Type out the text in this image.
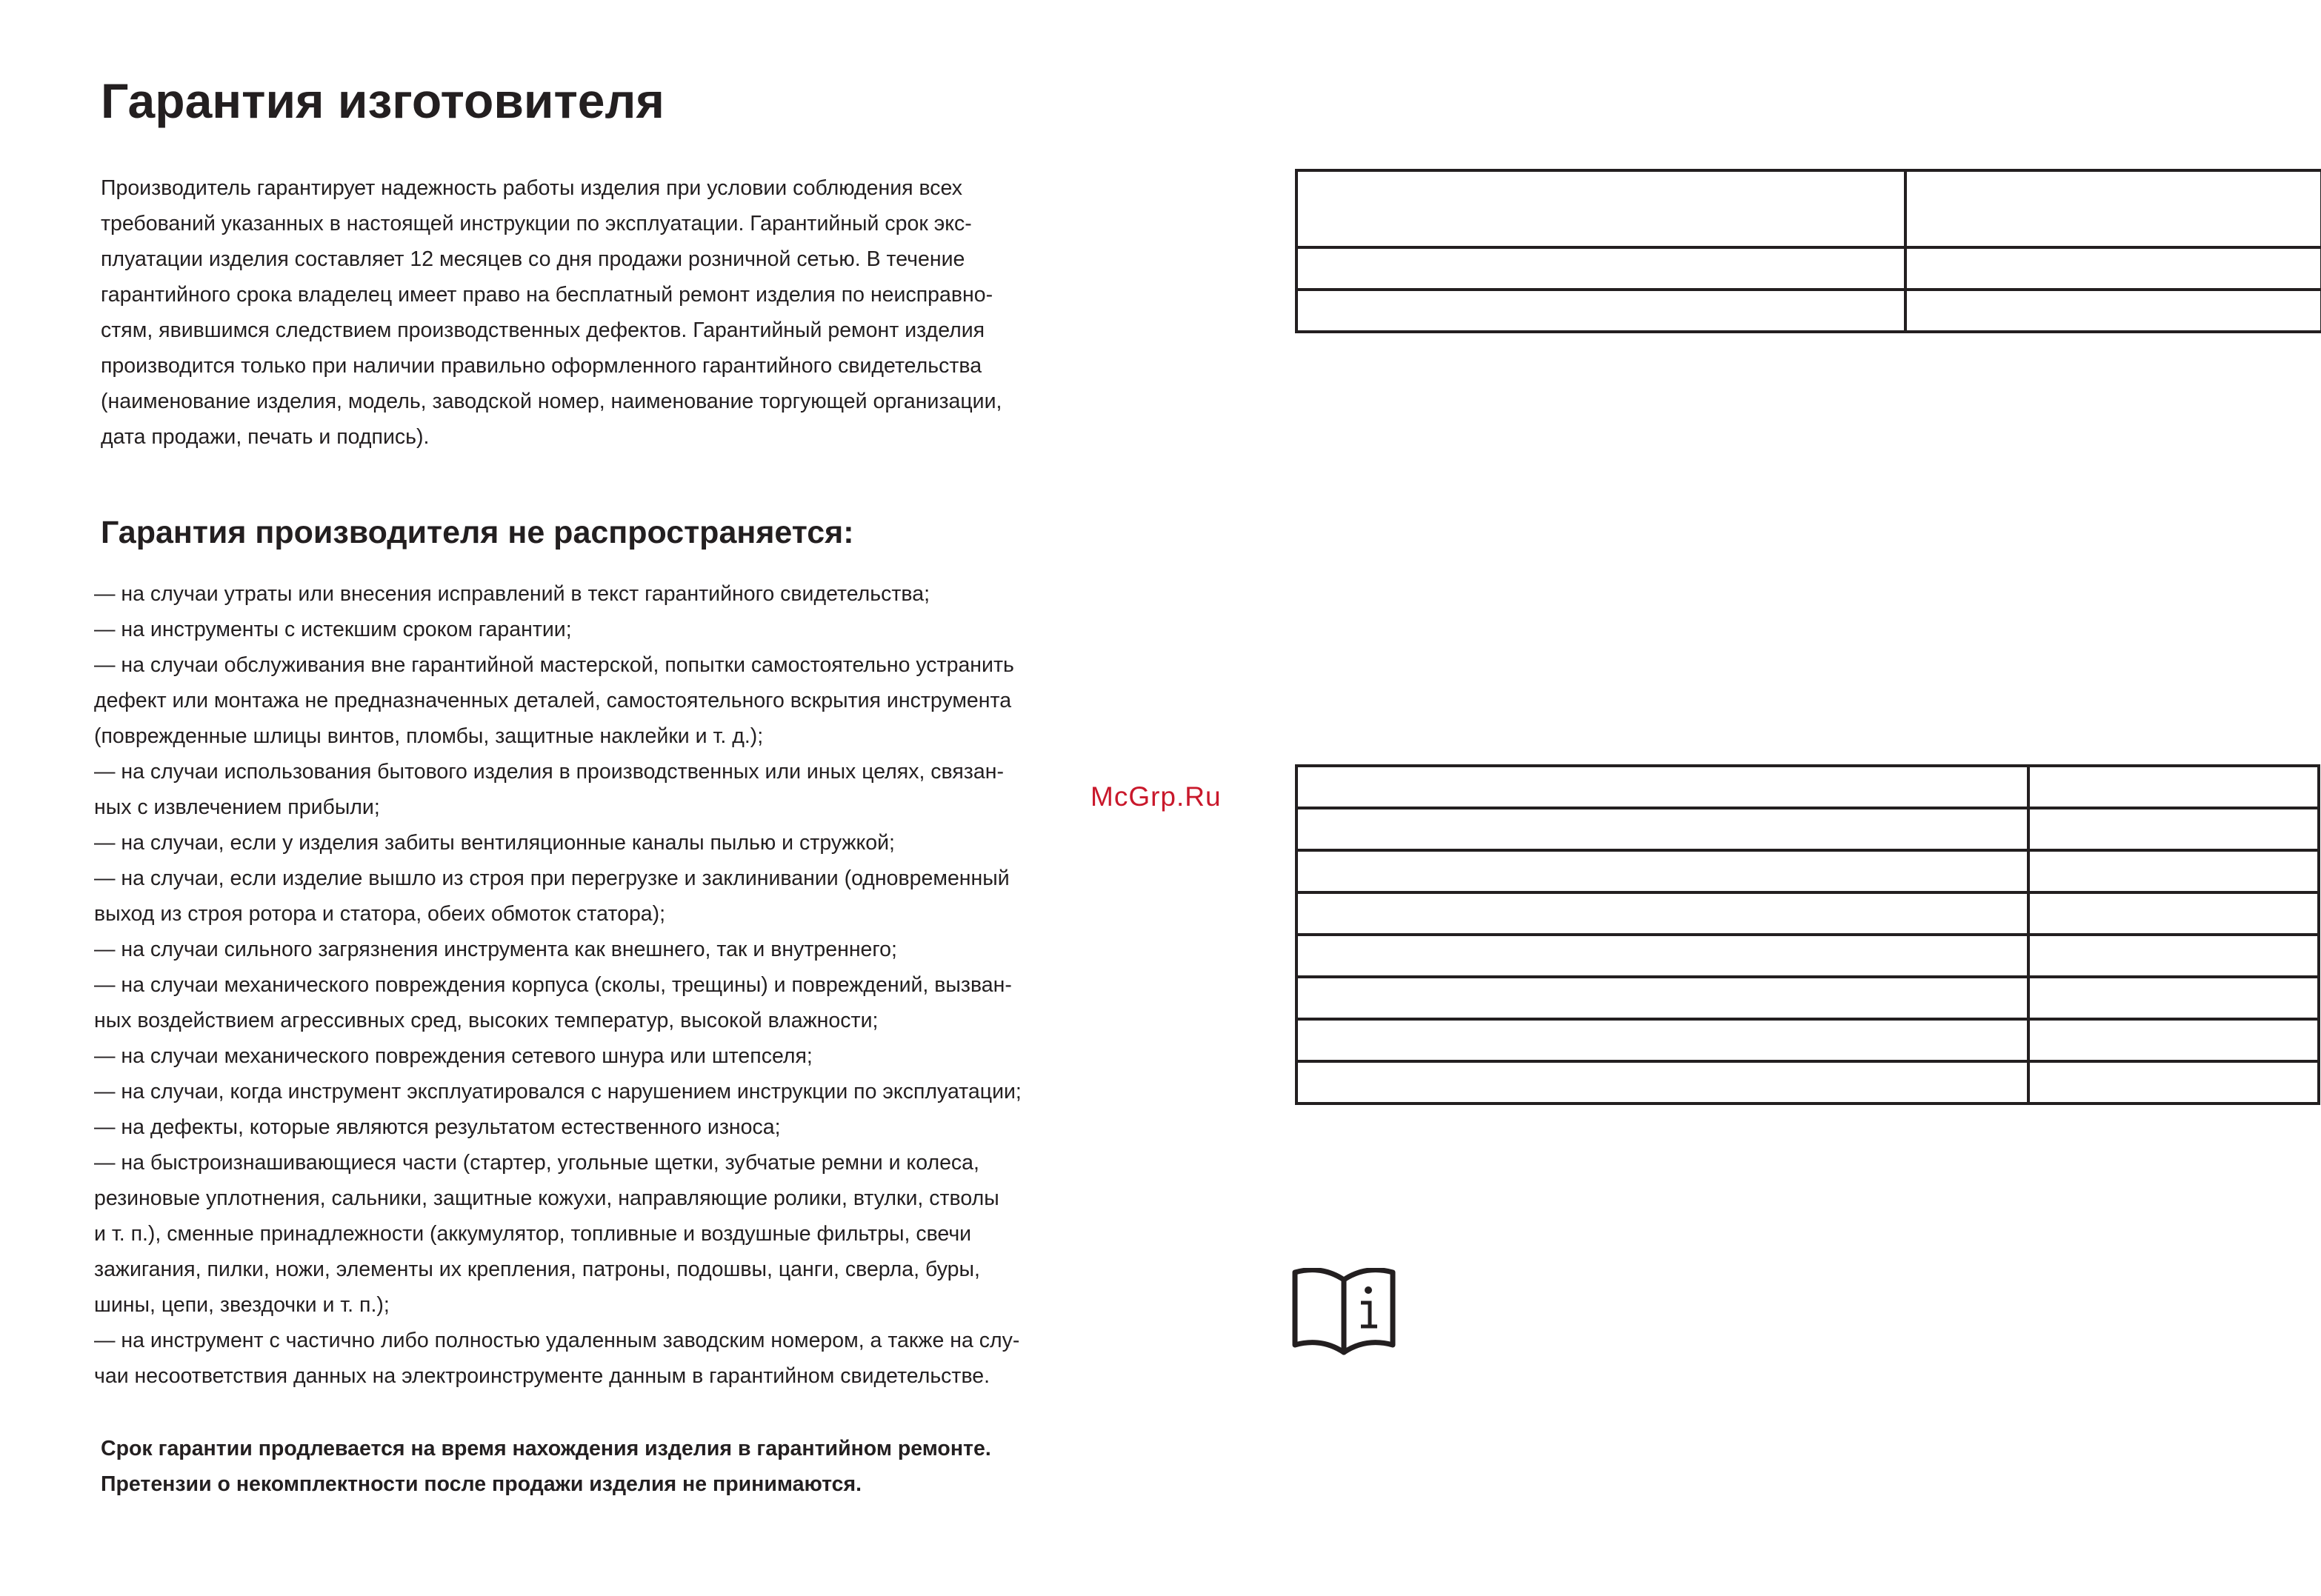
Гарантия изготовителя

Производитель гарантирует надежность работы изделия при условии соблюдения всех
требований указанных в настоящей инструкции по эксплуатации. Гарантийный срок экс-
плуатации изделия составляет 12 месяцев со дня продажи розничной сетью. В течение
гарантийного срока владелец имеет право на бесплатный ремонт изделия по неисправно-
стям, явившимся следствием производственных дефектов. Гарантийный ремонт изделия
производится только при наличии правильно оформленного гарантийного свидетельства
(наименование изделия, модель, заводской номер, наименование торгующей организации,
дата продажи, печать и подпись).

Гарантия производителя не распространяется:
— на случаи утраты или внесения исправлений в текст гарантийного свидетельства;
— на инструменты с истекшим сроком гарантии;
— на случаи обслуживания вне гарантийной мастерской, попытки самостоятельно устранить
дефект или монтажа не предназначенных деталей, самостоятельного вскрытия инструмента
(поврежденные шлицы винтов, пломбы, защитные наклейки и т. д.);
— на случаи использования бытового изделия в производственных или иных целях, связан-
ных с извлечением прибыли;
— на случаи, если у изделия забиты вентиляционные каналы пылью и стружкой;
— на случаи, если изделие вышло из строя при перегрузке и заклинивании (одновременный
выход из строя ротора и статора, обеих обмоток статора);
— на случаи сильного загрязнения инструмента как внешнего, так и внутреннего;
— на случаи механического повреждения корпуса (сколы, трещины) и повреждений, вызван-
ных воздействием агрессивных сред, высоких температур, высокой влажности;
— на случаи механического повреждения сетевого шнура или штепселя;
— на случаи, когда инструмент эксплуатировался с нарушением инструкции по эксплуатации;
— на дефекты, которые являются результатом естественного износа;
— на быстроизнашивающиеся части (стартер, угольные щетки, зубчатые ремни и колеса,
резиновые уплотнения, сальники, защитные кожухи, направляющие ролики, втулки, стволы
и т. п.), сменные принадлежности (аккумулятор, топливные и воздушные фильтры, свечи
зажигания, пилки, ножи, элементы их крепления, патроны, подошвы, цанги, сверла, буры,
шины, цепи, звездочки и т. п.);
— на инструмент с частично либо полностью удаленным заводским номером, а также на слу-
чаи несоответствия данных на электроинструменте данным в гарантийном свидетельстве.
Срок гарантии продлевается на время нахождения изделия в гарантийном ремонте.
Претензии о некомплектности после продажи изделия не принимаются.
McGrp.Ru
